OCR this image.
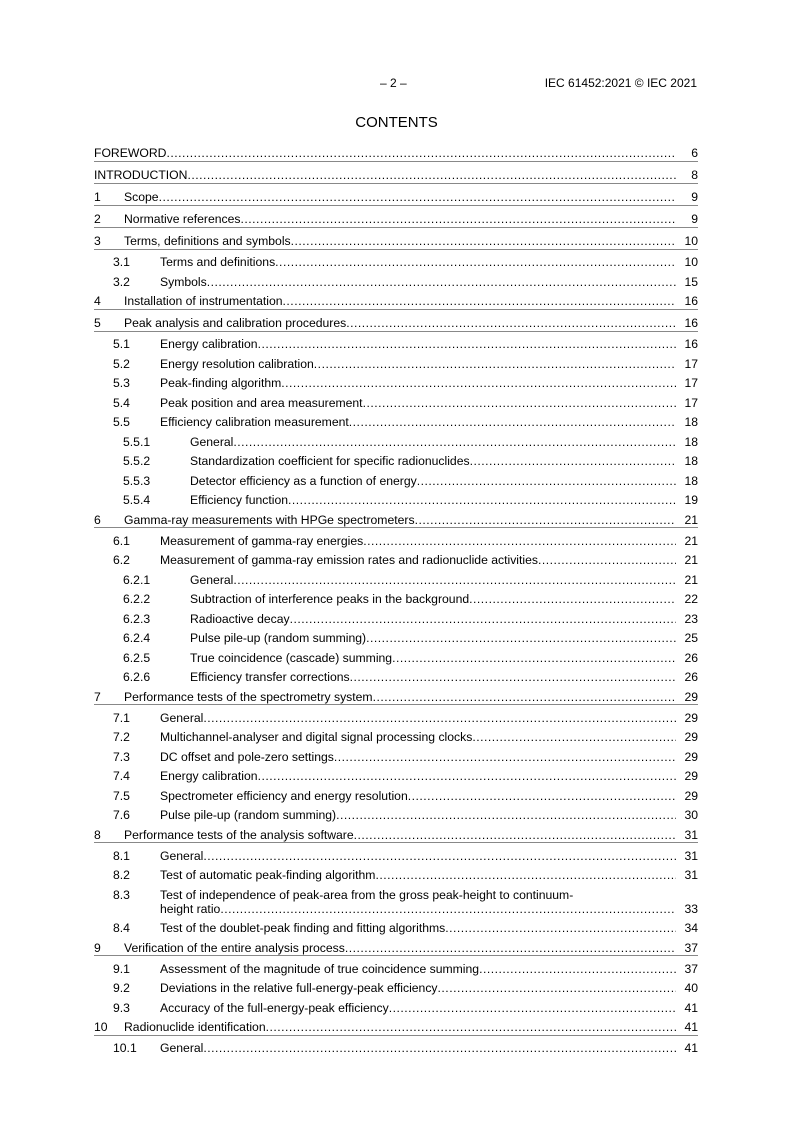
– 2 –	IEC 61452:2021 © IEC 2021
CONTENTS
FOREWORD .....	6
INTRODUCTION .....	8
1 Scope .....	9
2 Normative references .....	9
3 Terms, definitions and symbols .....	10
3.1 Terms and definitions .....	10
3.2 Symbols .....	15
4 Installation of instrumentation .....	16
5 Peak analysis and calibration procedures .....	16
5.1 Energy calibration .....	16
5.2 Energy resolution calibration .....	17
5.3 Peak-finding algorithm .....	17
5.4 Peak position and area measurement .....	17
5.5 Efficiency calibration measurement .....	18
5.5.1	General .....	18
5.5.2	Standardization coefficient for specific radionuclides .....	18
5.5.3	Detector efficiency as a function of energy .....	18
5.5.4	Efficiency function .....	19
6 Gamma-ray measurements with HPGe spectrometers .....	21
6.1 Measurement of gamma-ray energies .....	21
6.2 Measurement of gamma-ray emission rates and radionuclide activities .....	21
6.2.1	General .....	21
6.2.2	Subtraction of interference peaks in the background .....	22
6.2.3	Radioactive decay .....	23
6.2.4	Pulse pile-up (random summing) .....	25
6.2.5	True coincidence (cascade) summing .....	26
6.2.6	Efficiency transfer corrections .....	26
7 Performance tests of the spectrometry system .....	29
7.1 General .....	29
7.2 Multichannel-analyser and digital signal processing clocks .....	29
7.3 DC offset and pole-zero settings .....	29
7.4 Energy calibration .....	29
7.5 Spectrometer efficiency and energy resolution .....	29
7.6 Pulse pile-up (random summing) .....	30
8 Performance tests of the analysis software .....	31
8.1 General .....	31
8.2 Test of automatic peak-finding algorithm .....	31
8.3 Test of independence of peak-area from the gross peak-height to continuum-
height ratio .....	33
8.4 Test of the doublet-peak finding and fitting algorithms .....	34
9 Verification of the entire analysis process .....	37
9.1 Assessment of the magnitude of true coincidence summing .....	37
9.2 Deviations in the relative full-energy-peak efficiency .....	40
9.3 Accuracy of the full-energy-peak efficiency .....	41
10 Radionuclide identification .....	41
10.1 General .....	41
